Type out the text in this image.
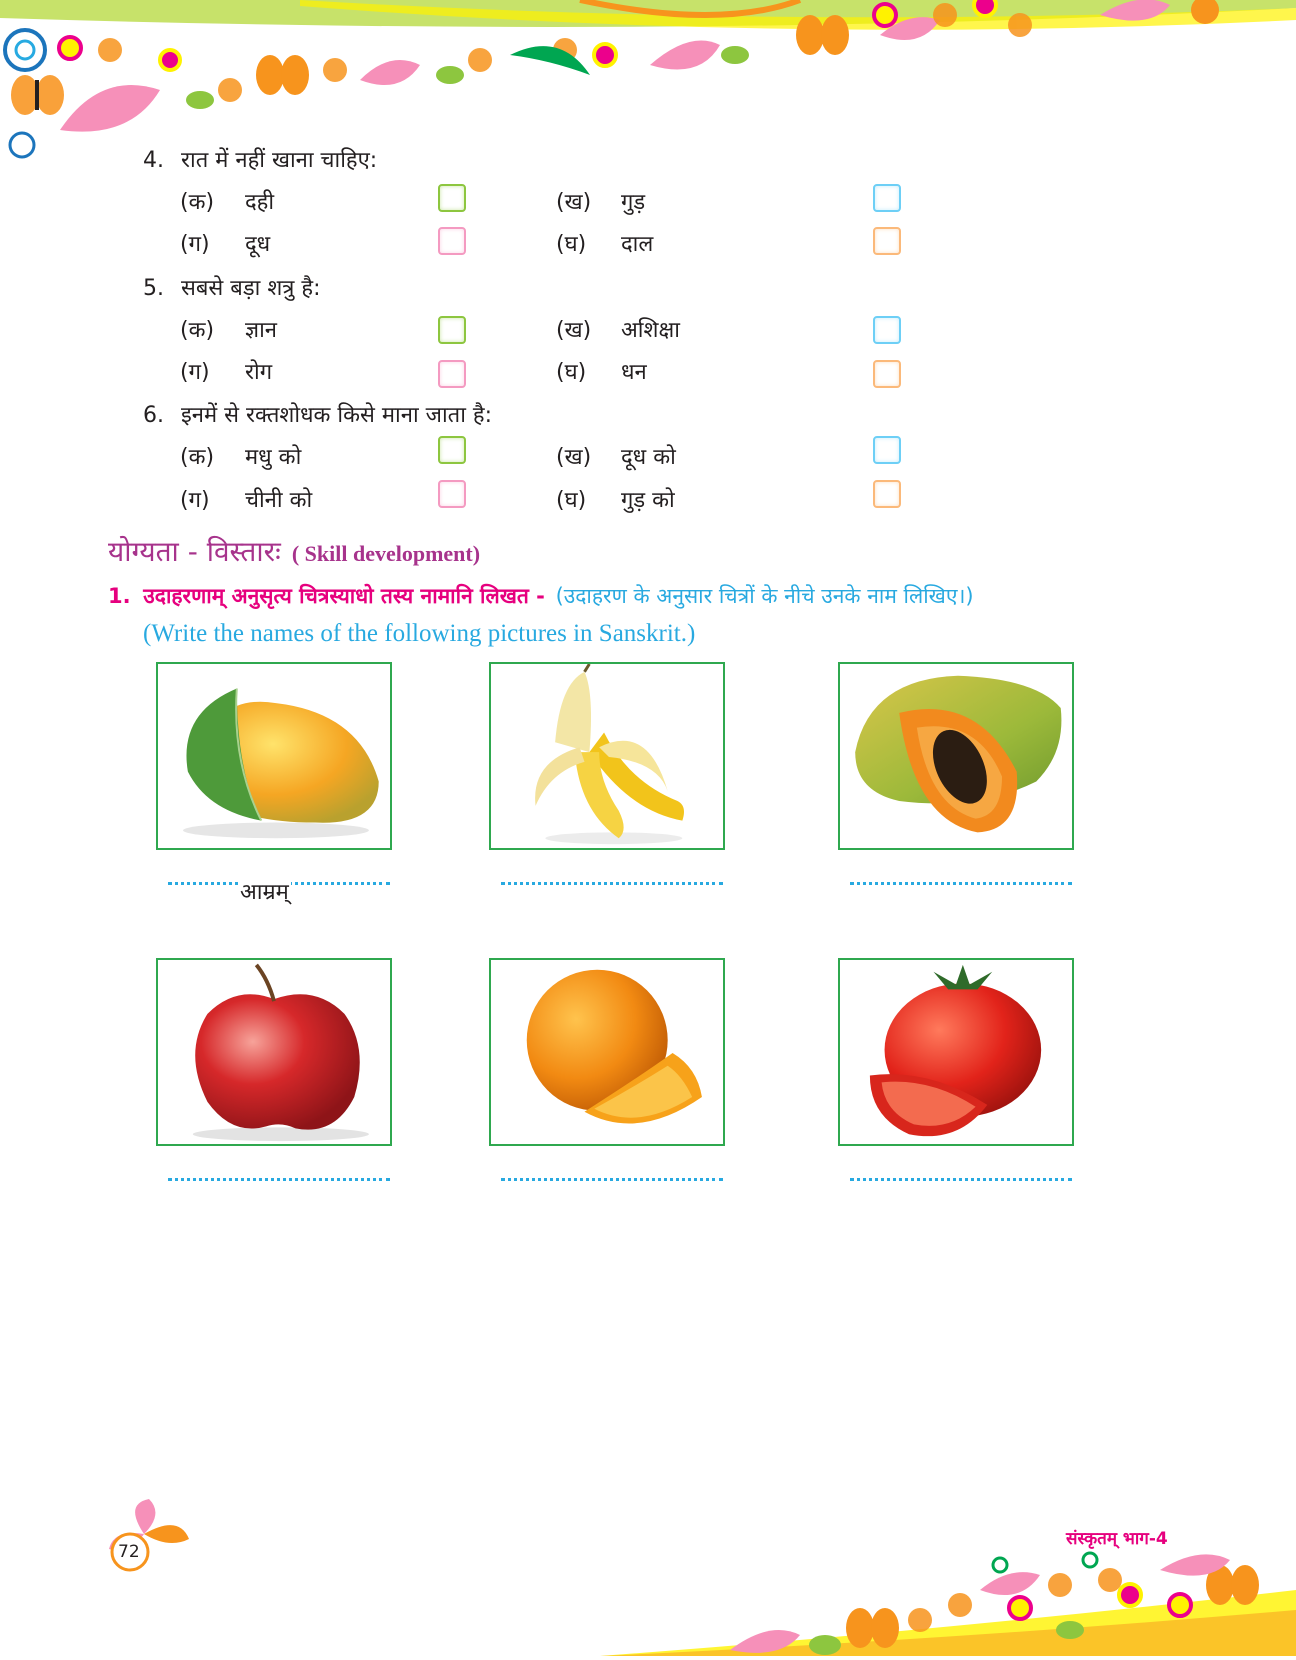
4. रात में नहीं खाना चाहिए:
(क) दही	(ख) गुड़
(ग) दूध	(घ) दाल
5. सबसे बड़ा शत्रु है:
(क) ज्ञान	(ख) अशिक्षा
(ग) रोग	(घ) धन
6. इनमें से रक्तशोधक किसे माना जाता है:
(क) मधु को	(ख) दूध को
(ग) चीनी को	(घ) गुड़ को
योग्यता - विस्तारः ( Skill development)
1. उदाहरणाम् अनुसृत्य चित्रस्याधो तस्य नामानि लिखत - (उदाहरण के अनुसार चित्रों के नीचे उनके नाम लिखिए।)
(Write the names of the following pictures in Sanskrit.)
आम्रम्
72
संस्कृतम् भाग-4
